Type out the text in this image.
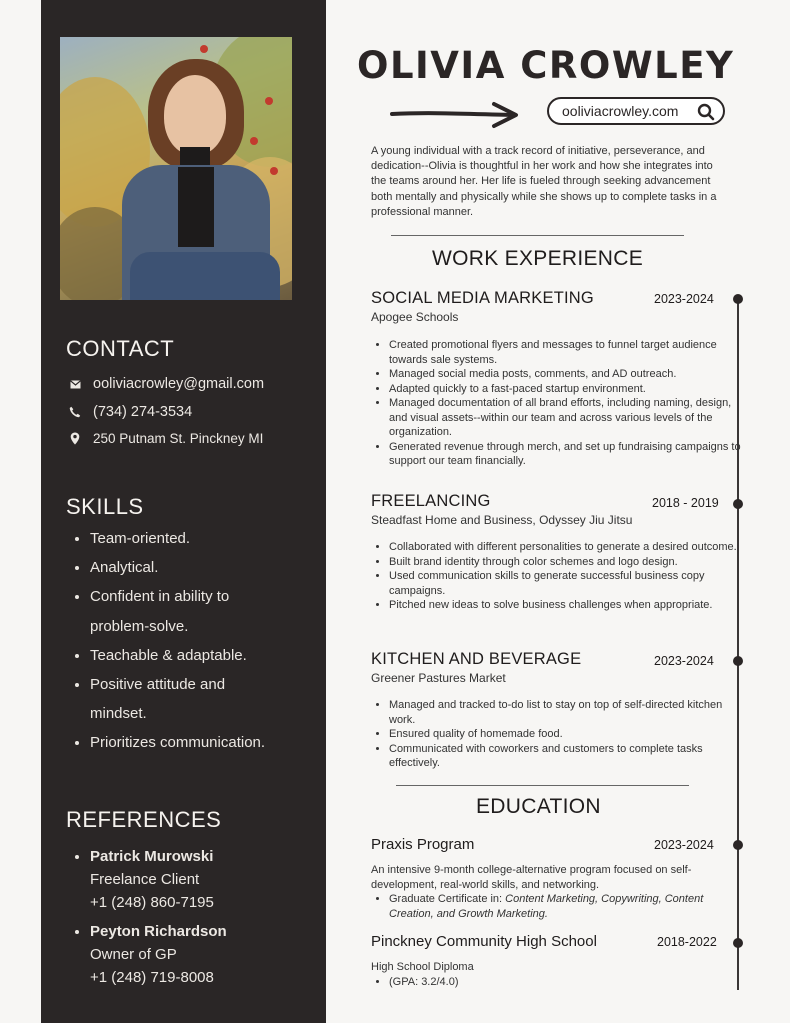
CONTACT
ooliviacrowley@gmail.com
(734) 274-3534
250 Putnam St. Pinckney MI
SKILLS
• Team-oriented.
• Analytical.
• Confident in ability to problem-solve.
• Teachable & adaptable.
• Positive attitude and mindset.
• Prioritizes communication.
REFERENCES
• Patrick Murowski
Freelance Client
+1 (248) 860-7195
• Peyton Richardson
Owner of GP
+1 (248) 719-8008
OLIVIA CROWLEY
ooliviacrowley.com

A young individual with a track record of initiative, perseverance, and dedication--Olivia is thoughtful in her work and how she integrates into the teams around her. Her life is fueled through seeking advancement both mentally and physically while she shows up to complete tasks in a professional manner.

WORK EXPERIENCE
SOCIAL MEDIA MARKETING	2023-2024

Apogee Schools

• Created promotional flyers and messages to funnel target audience towards sale systems.
• Managed social media posts, comments, and AD outreach.
• Adapted quickly to a fast-paced startup environment.
• Managed documentation of all brand efforts, including naming, design, and visual assets--within our team and across various levels of the organization.
• Generated revenue through merch, and set up fundraising campaigns to support our team financially.
FREELANCING	2018 - 2019

Steadfast Home and Business, Odyssey Jiu Jitsu

• Collaborated with different personalities to generate a desired outcome.
• Built brand identity through color schemes and logo design.
• Used communication skills to generate successful business copy campaigns.
• Pitched new ideas to solve business challenges when appropriate.
KITCHEN AND BEVERAGE	2023-2024

Greener Pastures Market

• Managed and tracked to-do list to stay on top of self-directed kitchen work.
• Ensured quality of homemade food.
• Communicated with coworkers and customers to complete tasks effectively.
EDUCATION
Praxis Program	2023-2024

An intensive 9-month college-alternative program focused on self-development, real-world skills, and networking.

• Graduate Certificate in: Content Marketing, Copywriting, Content Creation, and Growth Marketing.
Pinckney Community High School	2018-2022

High School Diploma

• (GPA: 3.2/4.0)
